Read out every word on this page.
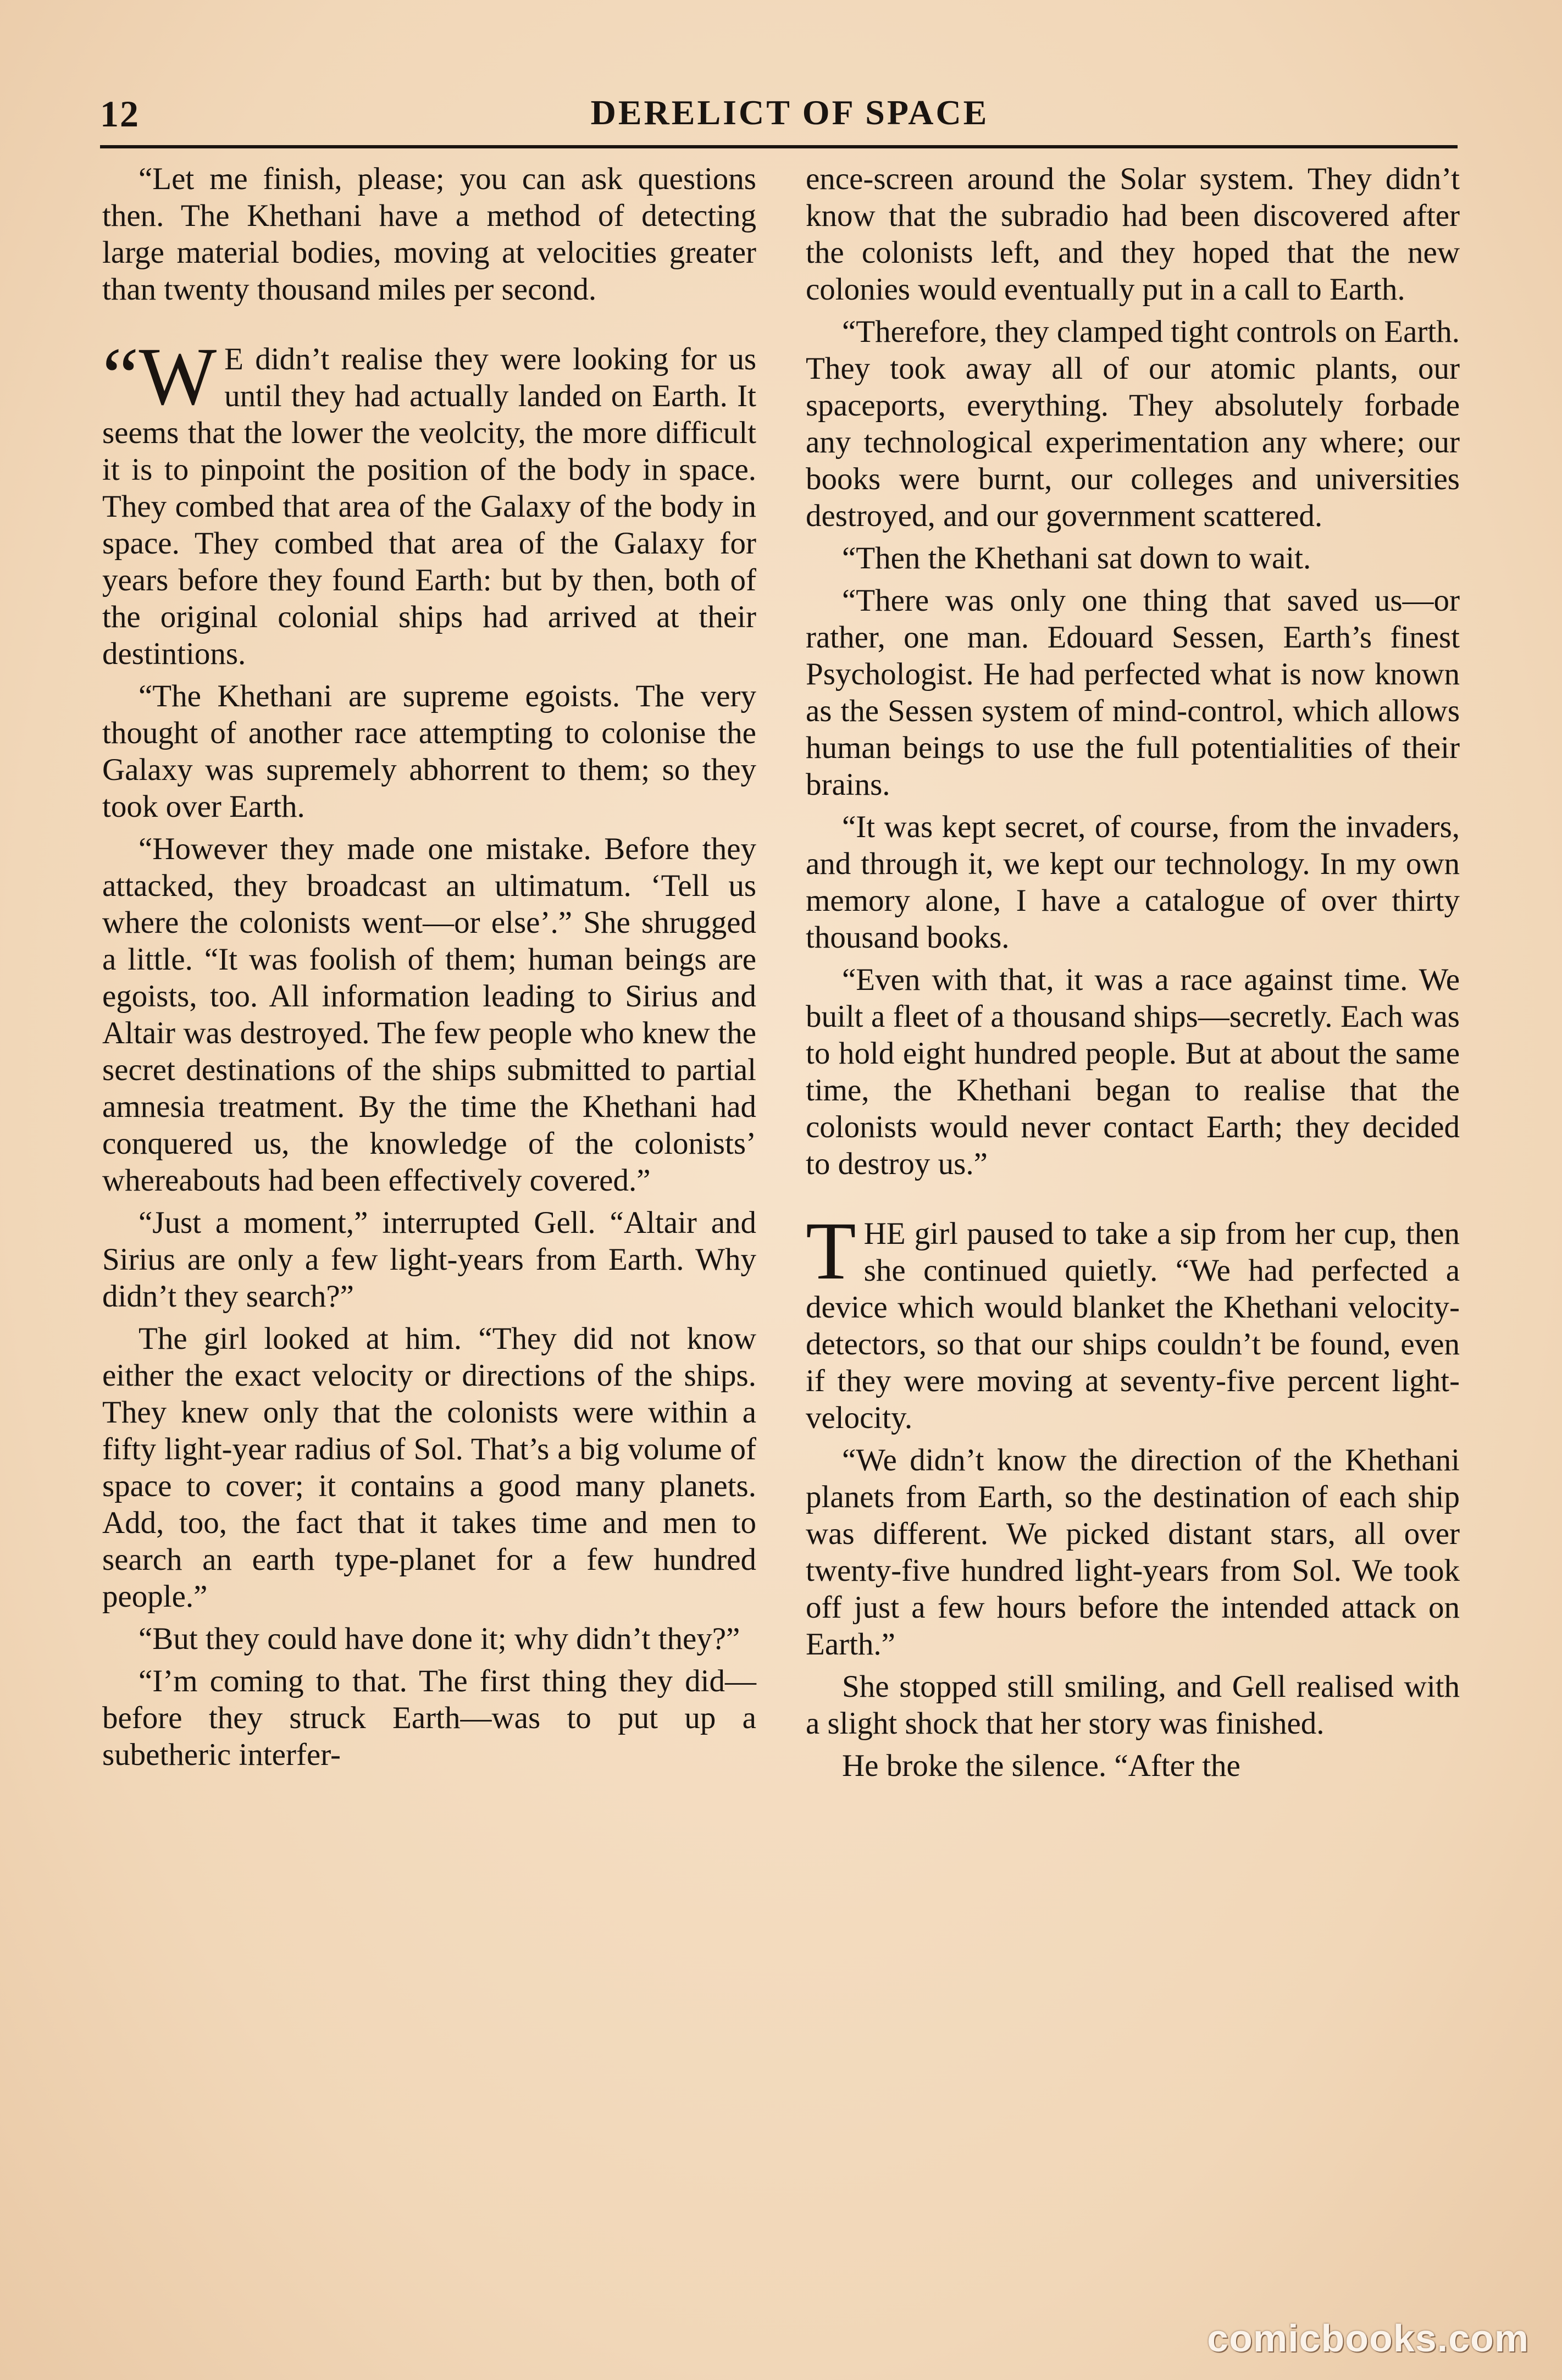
12	DERELICT OF SPACE

“Let me finish, please; you can ask questions then. The Khethani have a method of detecting large material bodies, moving at velocities greater than twenty thousand miles per second.

“W E didn’t realise they were looking for us until they had actually landed on Earth. It seems that the lower the veolcity, the more difficult it is to pinpoint the position of the body in space. They combed that area of the Galaxy of the body in space. They combed that area of the Galaxy for years before they found Earth: but by then, both of the original colonial ships had arrived at their destintions.

“The Khethani are supreme egoists. The very thought of another race attempting to colonise the Galaxy was supremely abhorrent to them; so they took over Earth.

“However they made one mistake. Before they attacked, they broadcast an ultimatum. ‘Tell us where the colonists went—or else’.” She shrugged a little. “It was foolish of them; human beings are egoists, too. All information leading to Sirius and Altair was destroyed. The few people who knew the secret destinations of the ships submitted to partial amnesia treatment. By the time the Khethani had conquered us, the knowledge of the colonists’ whereabouts had been effectively covered.”

“Just a moment,” interrupted Gell. “Altair and Sirius are only a few light-years from Earth. Why didn’t they search?”

The girl looked at him. “They did not know either the exact velocity or directions of the ships. They knew only that the colonists were within a fifty light-year radius of Sol. That’s a big volume of space to cover; it contains a good many planets. Add, too, the fact that it takes time and men to search an earth type-planet for a few hundred people.”

“But they could have done it; why didn’t they?”

“I’m coming to that. The first thing they did—before they struck Earth—was to put up a subetheric interfer-

ence-screen around the Solar system. They didn’t know that the subradio had been discovered after the colonists left, and they hoped that the new colonies would eventually put in a call to Earth.

“Therefore, they clamped tight controls on Earth. They took away all of our atomic plants, our spaceports, everything. They absolutely forbade any technological experimentation any where; our books were burnt, our colleges and universities destroyed, and our government scattered.

“Then the Khethani sat down to wait.

“There was only one thing that saved us—or rather, one man. Edouard Sessen, Earth’s finest Psychologist. He had perfected what is now known as the Sessen system of mind-control, which allows human beings to use the full potentialities of their brains.

“It was kept secret, of course, from the invaders, and through it, we kept our technology. In my own memory alone, I have a catalogue of over thirty thousand books.

“Even with that, it was a race against time. We built a fleet of a thousand ships—secretly. Each was to hold eight hundred people. But at about the same time, the Khethani began to realise that the colonists would never contact Earth; they decided to destroy us.”

THE girl paused to take a sip from her cup, then she continued quietly. “We had perfected a device which would blanket the Khethani velocity-detectors, so that our ships couldn’t be found, even if they were moving at seventy-five percent light-velocity.

“We didn’t know the direction of the Khethani planets from Earth, so the destination of each ship was different. We picked distant stars, all over twenty-five hundred light-years from Sol. We took off just a few hours before the intended attack on Earth.”

She stopped still smiling, and Gell realised with a slight shock that her story was finished.

He broke the silence. “After the

comicbooks.com
